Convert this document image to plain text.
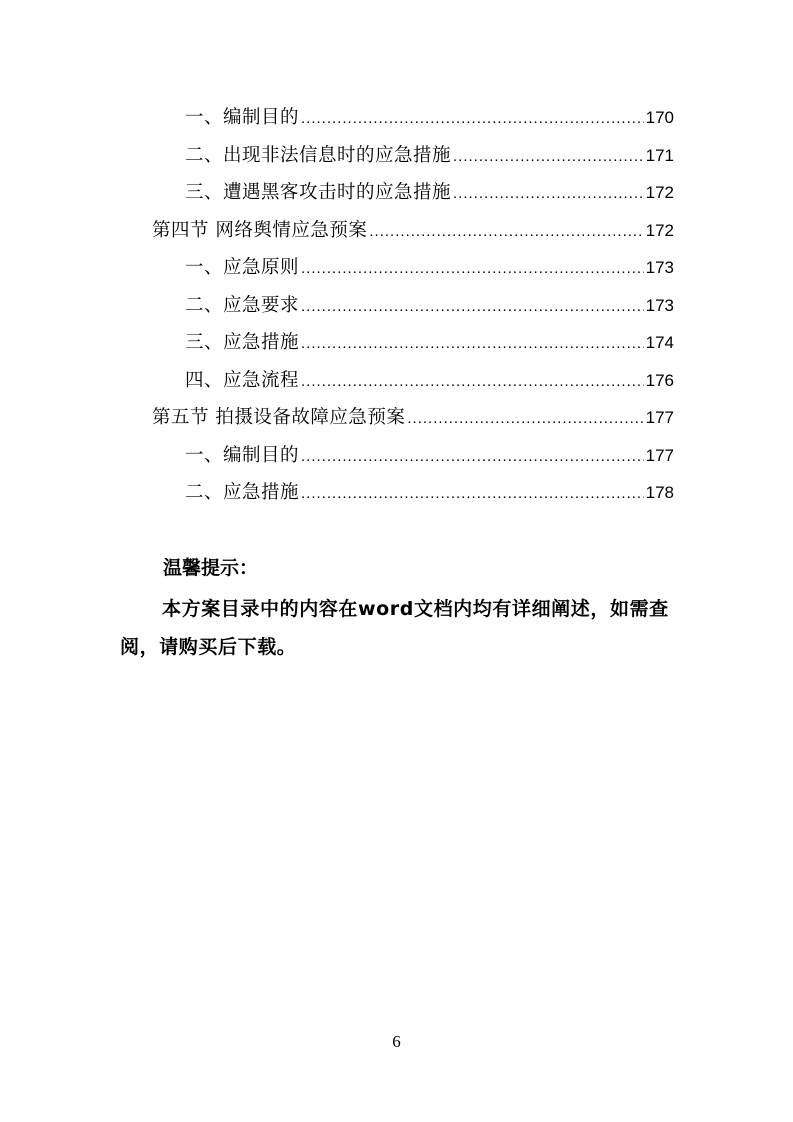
一、编制目的 .....	170
二、出现非法信息时的应急措施 .....	171
三、遭遇黑客攻击时的应急措施 .....	172
第四节 网络舆情应急预案 .....	172
一、应急原则 .....	173
二、应急要求 .....	173
三、应急措施 .....	174
四、应急流程 .....	176
第五节 拍摄设备故障应急预案 .....	177
一、编制目的 .....	177
二、应急措施 .....	178
温馨提示：
本方案目录中的内容在word文档内均有详细阐述，如需查阅，请购买后下载。
6
